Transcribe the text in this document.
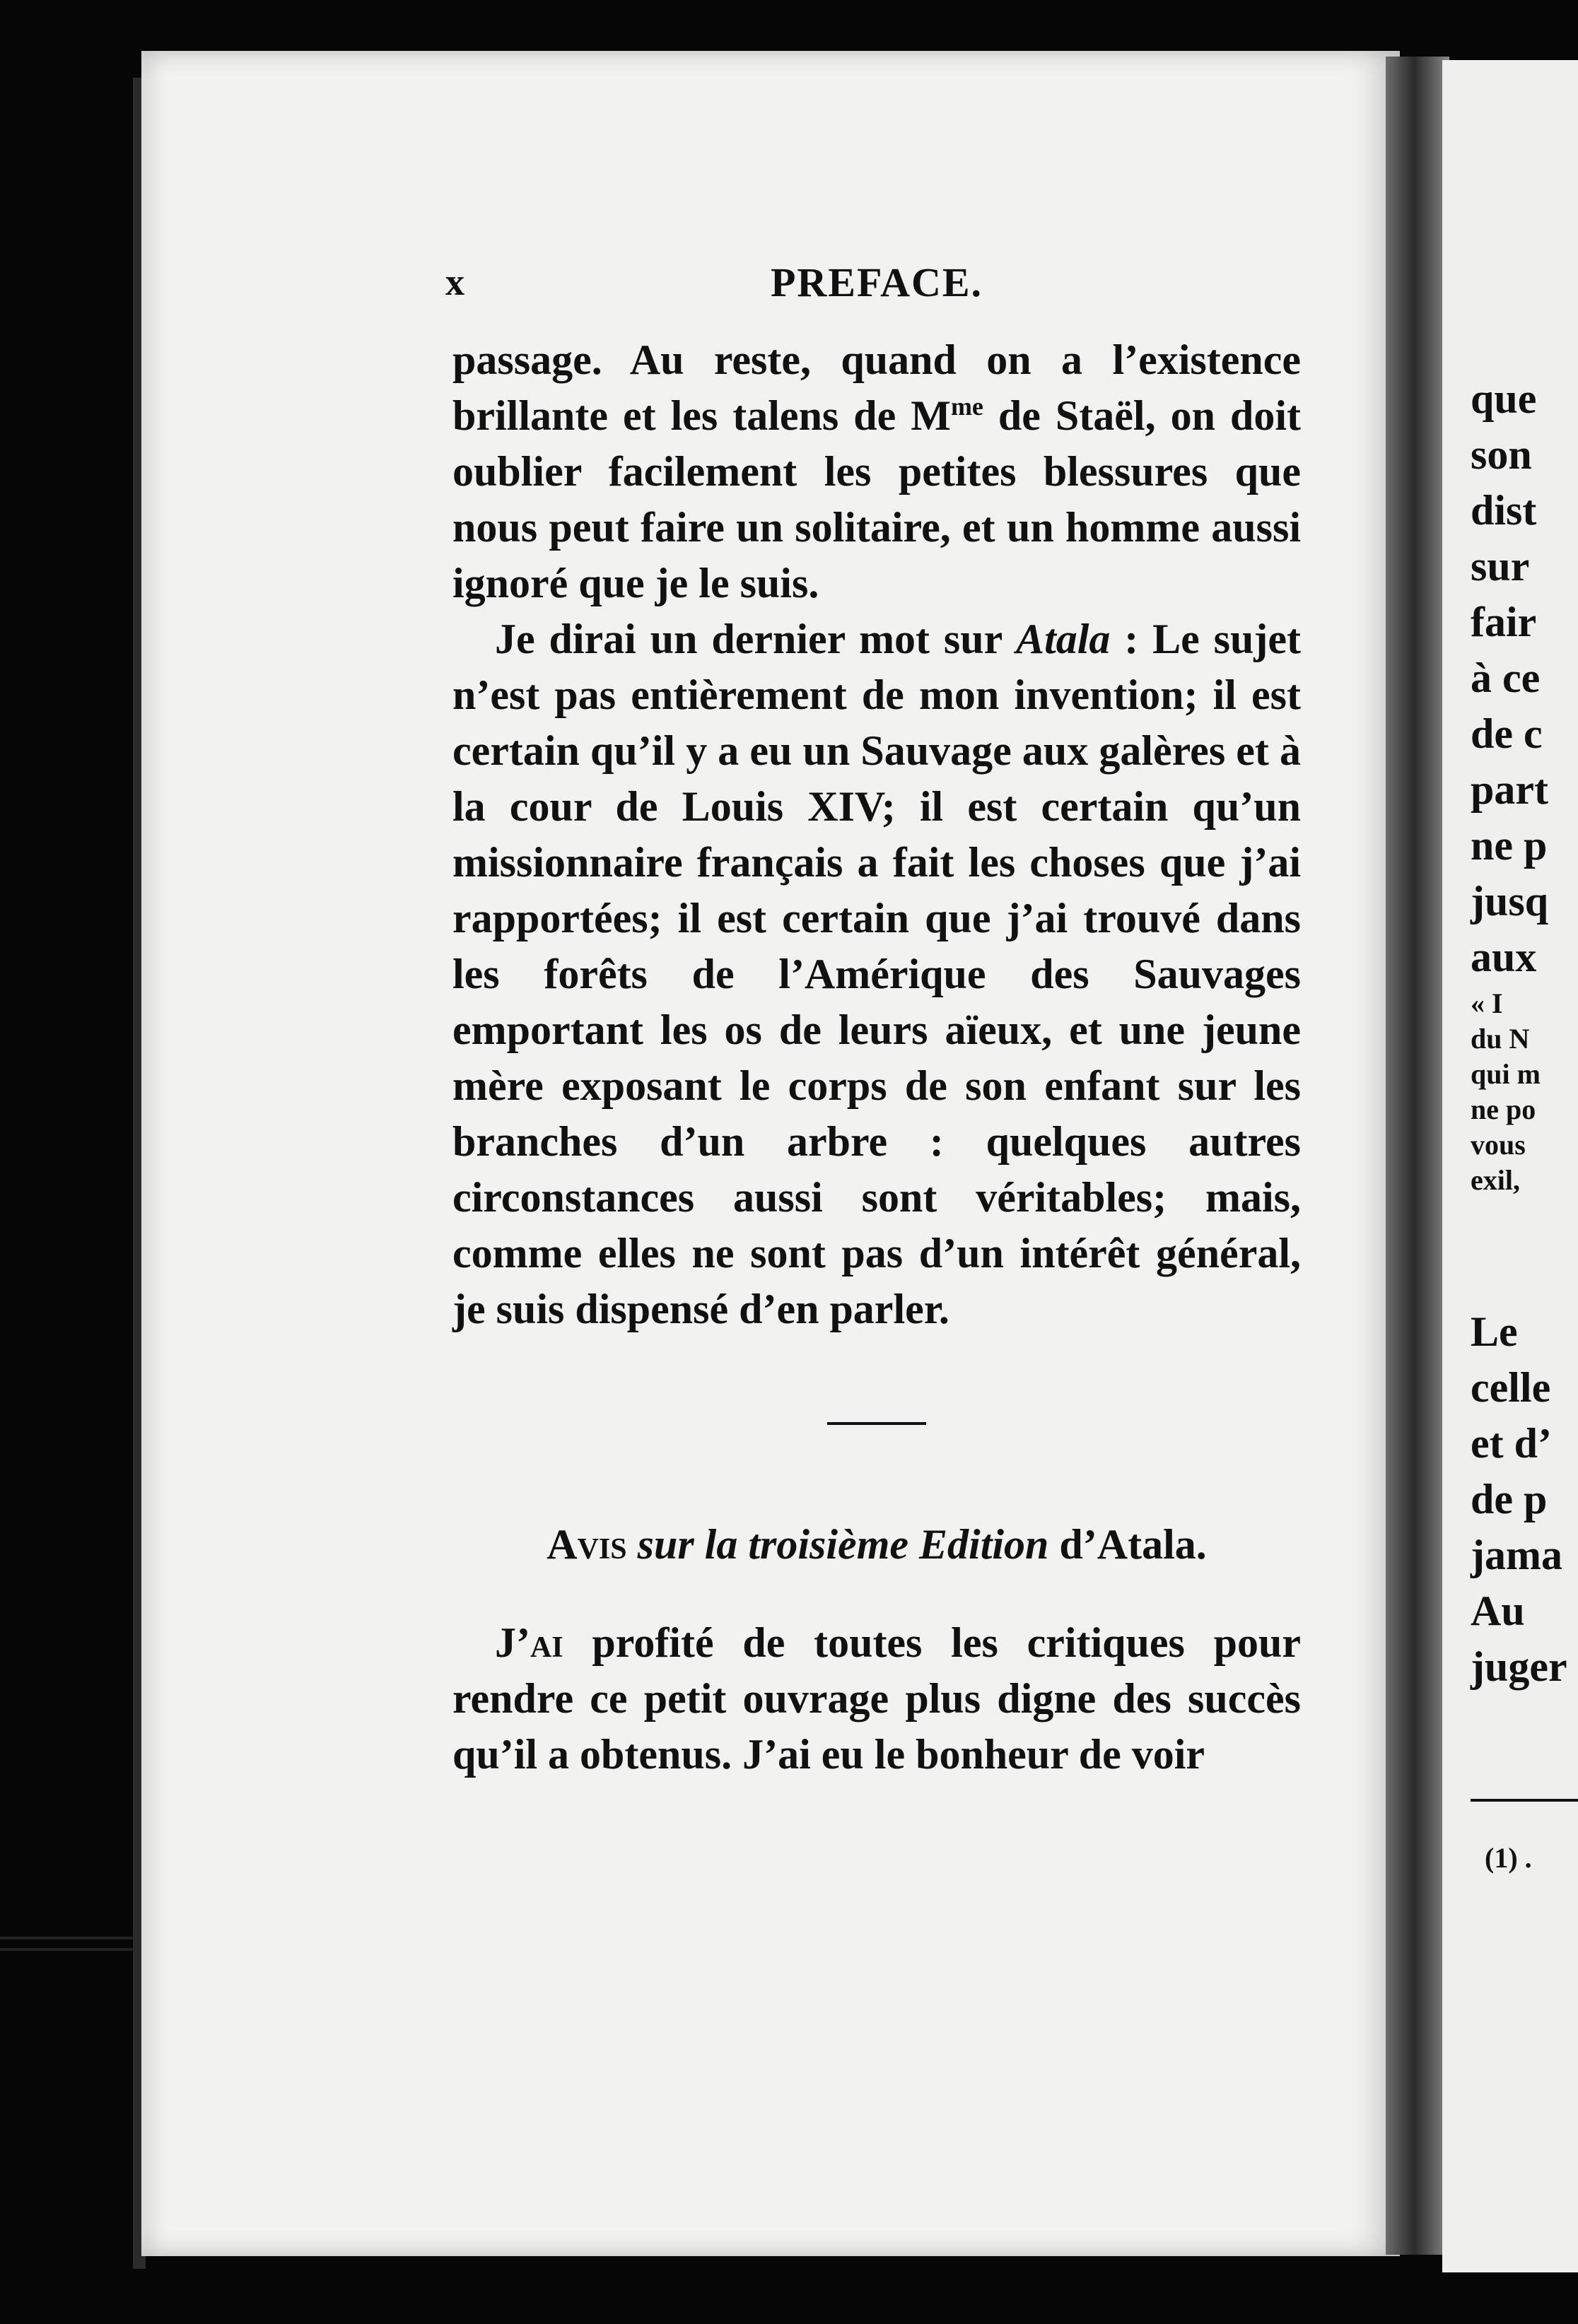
que
son
dist
sur
fair
à ce
de c
part
ne p
jusq
aux
« I
du N
qui m
ne po
vous
exil,
Le
celle
et d’
de p
jama
Au
juger
(1) .
x	PREFACE.

passage. Au reste, quand on a l’existence brillante et les talens de $M^{me}$ de Staël, on doit oublier facilement les petites blessures que nous peut faire un solitaire, et un homme aussi ignoré que je le suis.

Je dirai un dernier mot sur Atala : Le sujet n’est pas entièrement de mon invention; il est certain qu’il y a eu un Sauvage aux galères et à la cour de Louis XIV; il est certain qu’un missionnaire français a fait les choses que j’ai rapportées; il est certain que j’ai trouvé dans les forêts de l’Amérique des Sauvages emportant les os de leurs aïeux, et une jeune mère exposant le corps de son enfant sur les branches d’un arbre : quelques autres circonstances aussi sont véritables; mais, comme elles ne sont pas d’un intérêt général, je suis dispensé d’en parler.

Avis sur la troisième Edition d’Atala.

J’ai profité de toutes les critiques pour rendre ce petit ouvrage plus digne des succès qu’il a obtenus. J’ai eu le bonheur de voir
